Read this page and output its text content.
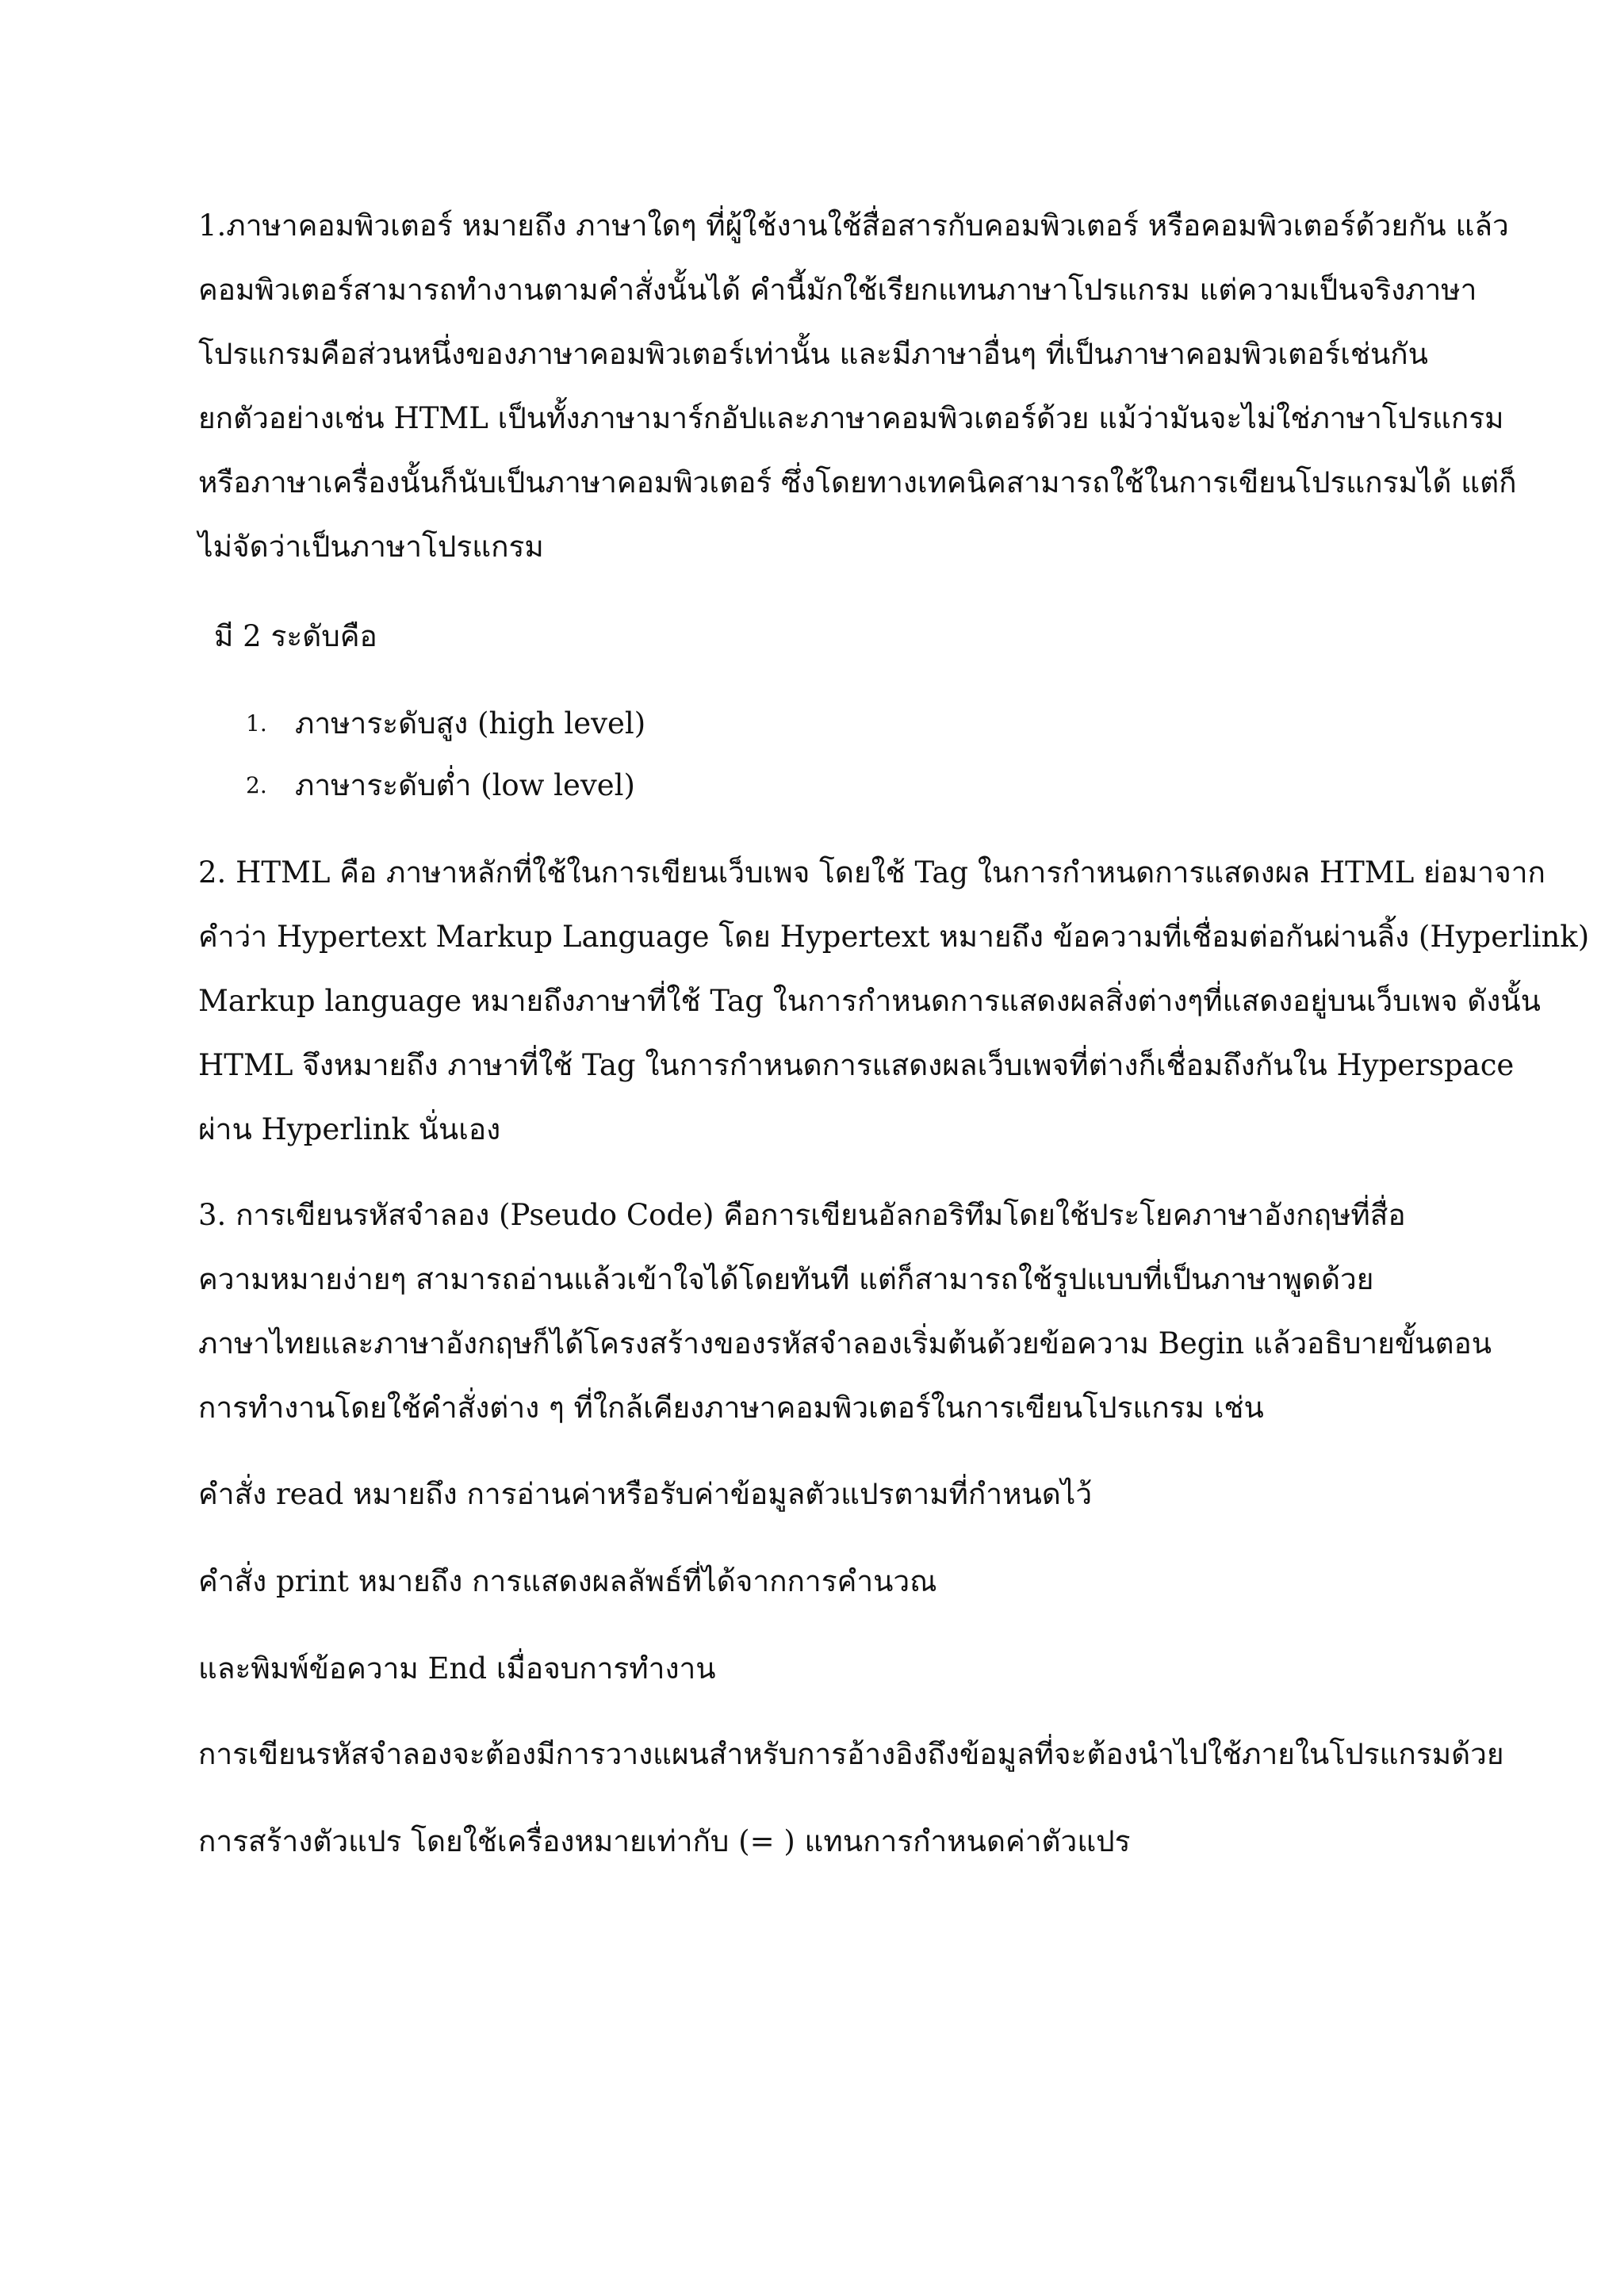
1.ภาษาคอมพิวเตอร์ หมายถึง ภาษาใดๆ ที่ผู้ใช้งานใช้สื่อสารกับคอมพิวเตอร์ หรือคอมพิวเตอร์ด้วยกัน แล้ว
คอมพิวเตอร์สามารถทำงานตามคำสั่งนั้นได้ คำนี้มักใช้เรียกแทนภาษาโปรแกรม แต่ความเป็นจริงภาษา
โปรแกรมคือส่วนหนึ่งของภาษาคอมพิวเตอร์เท่านั้น และมีภาษาอื่นๆ ที่เป็นภาษาคอมพิวเตอร์เช่นกัน
ยกตัวอย่างเช่น HTML เป็นทั้งภาษามาร์กอัปและภาษาคอมพิวเตอร์ด้วย แม้ว่ามันจะไม่ใช่ภาษาโปรแกรม
หรือภาษาเครื่องนั้นก็นับเป็นภาษาคอมพิวเตอร์ ซึ่งโดยทางเทคนิคสามารถใช้ในการเขียนโปรแกรมได้ แต่ก็
ไม่จัดว่าเป็นภาษาโปรแกรม
มี 2 ระดับคือ
1. ภาษาระดับสูง (high level)
2. ภาษาระดับต่ำ (low level)
2. HTML คือ ภาษาหลักที่ใช้ในการเขียนเว็บเพจ โดยใช้ Tag ในการกำหนดการแสดงผล HTML ย่อมาจาก
คำว่า Hypertext Markup Language โดย Hypertext หมายถึง ข้อความที่เชื่อมต่อกันผ่านลิ้ง (Hyperlink)
Markup language หมายถึงภาษาที่ใช้ Tag ในการกำหนดการแสดงผลสิ่งต่างๆที่แสดงอยู่บนเว็บเพจ ดังนั้น
HTML จึงหมายถึง ภาษาที่ใช้ Tag ในการกำหนดการแสดงผลเว็บเพจที่ต่างก็เชื่อมถึงกันใน Hyperspace
ผ่าน Hyperlink นั่นเอง
3. การเขียนรหัสจำลอง (Pseudo Code) คือการเขียนอัลกอริทึมโดยใช้ประโยคภาษาอังกฤษที่สื่อ
ความหมายง่ายๆ สามารถอ่านแล้วเข้าใจได้โดยทันที แต่ก็สามารถใช้รูปแบบที่เป็นภาษาพูดด้วย
ภาษาไทยและภาษาอังกฤษก็ได้โครงสร้างของรหัสจำลองเริ่มต้นด้วยข้อความ Begin แล้วอธิบายขั้นตอน
การทำงานโดยใช้คำสั่งต่าง ๆ ที่ใกล้เคียงภาษาคอมพิวเตอร์ในการเขียนโปรแกรม เช่น
คำสั่ง read หมายถึง การอ่านค่าหรือรับค่าข้อมูลตัวแปรตามที่กำหนดไว้
คำสั่ง print หมายถึง การแสดงผลลัพธ์ที่ได้จากการคำนวณ
และพิมพ์ข้อความ End เมื่อจบการทำงาน
การเขียนรหัสจำลองจะต้องมีการวางแผนสำหรับการอ้างอิงถึงข้อมูลที่จะต้องนำไปใช้ภายในโปรแกรมด้วย
การสร้างตัวแปร โดยใช้เครื่องหมายเท่ากับ (= ) แทนการกำหนดค่าตัวแปร
